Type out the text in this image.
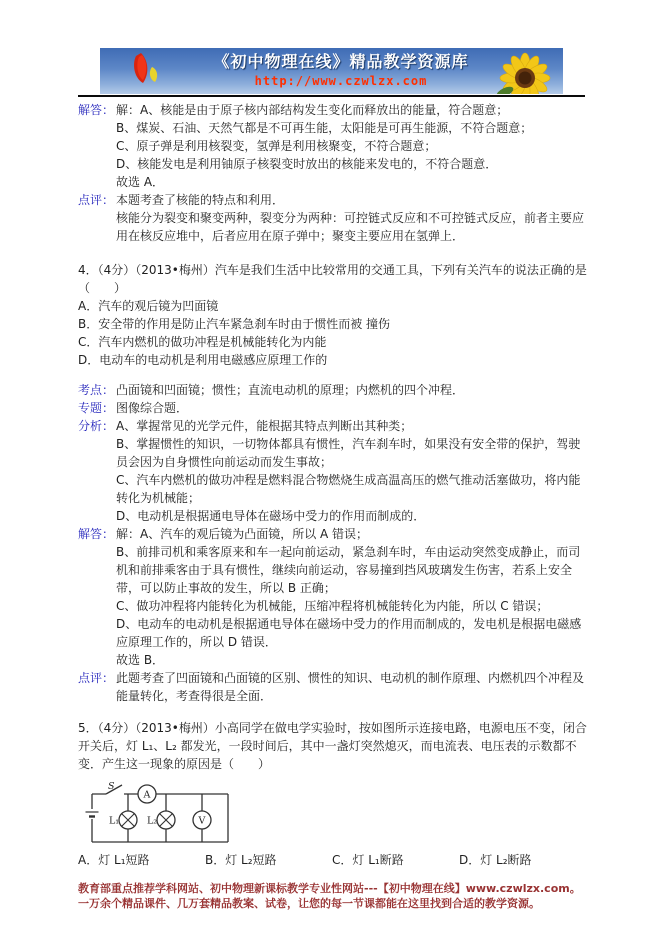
《初中物理在线》精品教学资源库
http://www.czwlzx.com
解答： 解：A、核能是由于原子核内部结构发生变化而释放出的能量，符合题意；
B、煤炭、石油、天然气都是不可再生能，太阳能是可再生能源，不符合题意；
C、原子弹是利用核裂变，氢弹是利用核聚变，不符合题意；
D、核能发电是利用铀原子核裂变时放出的核能来发电的，不符合题意．
故选 A．
点评： 本题考查了核能的特点和利用．
核能分为裂变和聚变两种，裂变分为两种：可控链式反应和不可控链式反应，前者主要应用在核反应堆中，后者应用在原子弹中；聚变主要应用在氢弹上．
4．（4分）（2013•梅州）汽车是我们生活中比较常用的交通工具，下列有关汽车的说法正确的是（　　）
A．汽车的观后镜为凹面镜
B．安全带的作用是防止汽车紧急刹车时由于惯性而被 撞伤
C．汽车内燃机的做功冲程是机械能转化为内能
D．电动车的电动机是利用电磁感应原理工作的
考点： 凸面镜和凹面镜；惯性；直流电动机的原理；内燃机的四个冲程．
专题： 图像综合题．
分析： A、掌握常见的光学元件，能根据其特点判断出其种类；
B、掌握惯性的知识，一切物体都具有惯性，汽车刹车时，如果没有安全带的保护，驾驶员会因为自身惯性向前运动而发生事故；
C、汽车内燃机的做功冲程是燃料混合物燃烧生成高温高压的燃气推动活塞做功，将内能转化为机械能；
D、电动机是根据通电导体在磁场中受力的作用而制成的．
解答： 解：A、汽车的观后镜为凸面镜，所以 A 错误；
B、前排司机和乘客原来和车一起向前运动，紧急刹车时，车由运动突然变成静止，而司机和前排乘客由于具有惯性，继续向前运动，容易撞到挡风玻璃发生伤害，若系上安全带，可以防止事故的发生，所以 B 正确；
C、做功冲程将内能转化为机械能，压缩冲程将机械能转化为内能，所以 C 错误；
D、电动车的电动机是根据通电导体在磁场中受力的作用而制成的，发电机是根据电磁感应原理工作的，所以 D 错误．
故选 B．
点评： 此题考查了凹面镜和凸面镜的区别、惯性的知识、电动机的制作原理、内燃机四个冲程及能量转化，考查得很是全面．
5．（4分）（2013•梅州）小高同学在做电学实验时，按如图所示连接电路，电源电压不变，闭合开关后，灯 L₁、L₂ 都发光，一段时间后，其中一盏灯突然熄灭，而电流表、电压表的示数都不变．产生这一现象的原因是（　　）
S
A
L₁	L₂	V
A．灯 L₁短路	B．灯 L₂短路	C．灯 L₁断路	D．灯 L₂断路
教育部重点推荐学科网站、初中物理新课标教学专业性网站---【初中物理在线】www.czwlzx.com。一万余个精品课件、几万套精品教案、试卷，让您的每一节课都能在这里找到合适的教学资源。
